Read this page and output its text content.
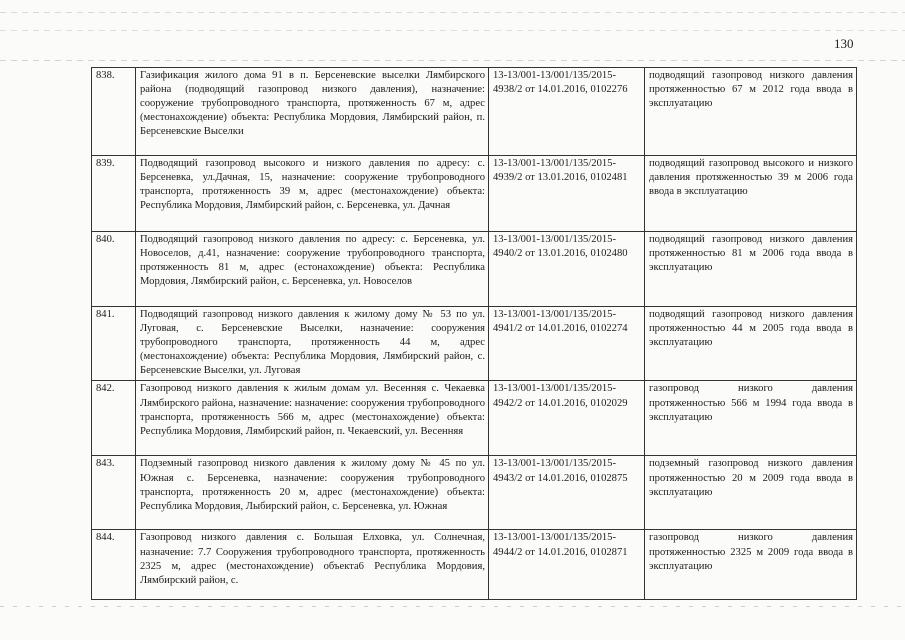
130
838.	Газификация жилого дома 91 в п. Берсеневские выселки Лямбирского района (подводящий газопровод низкого давления), назначение: сооружение трубопроводного транспорта, протяженность 67 м, адрес (местонахождение) объекта: Республика Мордовия, Лямбирский район, п. Берсеневские Выселки	13-13/001-13/001/135/2015-4938/2 от 14.01.2016, 0102276	подводящий газопровод низкого давления протяженностью 67 м 2012 года ввода в эксплуатацию
839.	Подводящий газопровод высокого и низкого давления по адресу: с. Берсеневка, ул.Дачная, 15, назначение: сооружение трубопроводного транспорта, протяженность 39 м, адрес (местонахождение) объекта: Республика Мордовия, Лямбирский район, с. Берсеневка, ул. Дачная	13-13/001-13/001/135/2015-4939/2 от 13.01.2016, 0102481	подводящий газопровод высокого и низкого давления протяженностью 39 м 2006 года ввода в эксплуатацию
840.	Подводящий газопровод низкого давления по адресу: с. Берсеневка, ул. Новоселов, д.41, назначение: сооружение трубопроводного транспорта, протяженность 81 м, адрес (естонахождение) объекта: Республика Мордовия, Лямбирский район, с. Берсеневка, ул. Новоселов	13-13/001-13/001/135/2015-4940/2 от 13.01.2016, 0102480	подводящий газопровод низкого давления протяженностью 81 м 2006 года ввода в эксплуатацию
841.	Подводящий газопровод низкого давления к жилому дому № 53 по ул. Луговая, с. Берсеневские Выселки, назначение: сооружения трубопроводного транспорта, протяженность 44 м, адрес (местонахождение) объекта: Республика Мордовия, Лямбирский район, с. Берсеневские Выселки, ул. Луговая	13-13/001-13/001/135/2015-4941/2 от 14.01.2016, 0102274	подводящий газопровод низкого давления протяженностью 44 м 2005 года ввода в эксплуатацию
842.	Газопровод низкого давления к жилым домам ул. Весенняя с. Чекаевка Лямбирского района, назначение: назначение: сооружения трубопроводного транспорта, протяженность 566 м, адрес (местонахождение) объекта: Республика Мордовия, Лямбирский район, п. Чекаевский, ул. Весенняя	13-13/001-13/001/135/2015-4942/2 от 14.01.2016, 0102029	газопровод низкого давления протяженностью 566 м 1994 года ввода в эксплуатацию
843.	Подземный газопровод низкого давления к жилому дому № 45 по ул. Южная с. Берсеневка, назначение: сооружения трубопроводного транспорта, протяженность 20 м, адрес (местонахождение) объекта: Республика Мордовия, Лыбирский район, с. Берсеневка, ул. Южная	13-13/001-13/001/135/2015-4943/2 от 14.01.2016, 0102875	подземный газопровод низкого давления протяженностью 20 м 2009 года ввода в эксплуатацию
844.	Газопровод низкого давления с. Большая Елховка, ул. Солнечная, назначение: 7.7 Сооружения трубопроводного транспорта, протяженность 2325 м, адрес (местонахождение) объекта6 Республика Мордовия, Лямбирский район, с.	13-13/001-13/001/135/2015-4944/2 от 14.01.2016, 0102871	газопровод низкого давления протяженностью 2325 м 2009 года ввода в эксплуатацию
